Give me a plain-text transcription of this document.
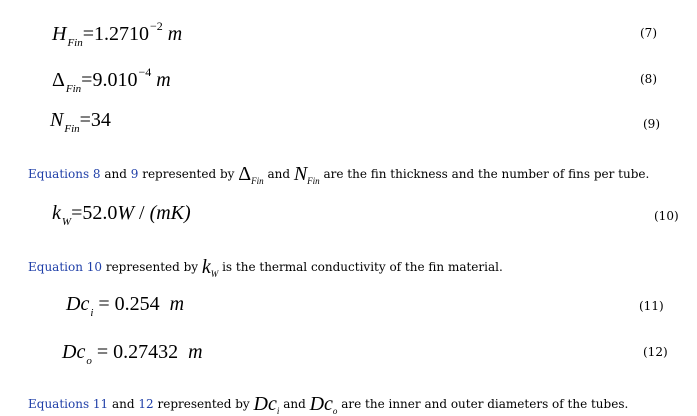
$H_{Fin}=1.2710^{-2}$ m	(7)
$\Delta_{Fin}=9.010^{-4}$ m	(8)
$N_{Fin}=34$	(9)
Equations 8 and 9 represented by $\Delta_{Fin}$ and $N_{Fin}$ are the fin thickness and the number of fins per tube.
$k_W=52.0W / (mK)$	(10)
Equation 10 represented by $k_W$ is the thermal conductivity of the fin material.
$Dc_i = 0.254$ m	(11)
$Dc_o = 0.27432$ m	(12)
Equations 11 and 12 represented by $Dc_i$ and $Dc_o$ are the inner and outer diameters of the tubes.
